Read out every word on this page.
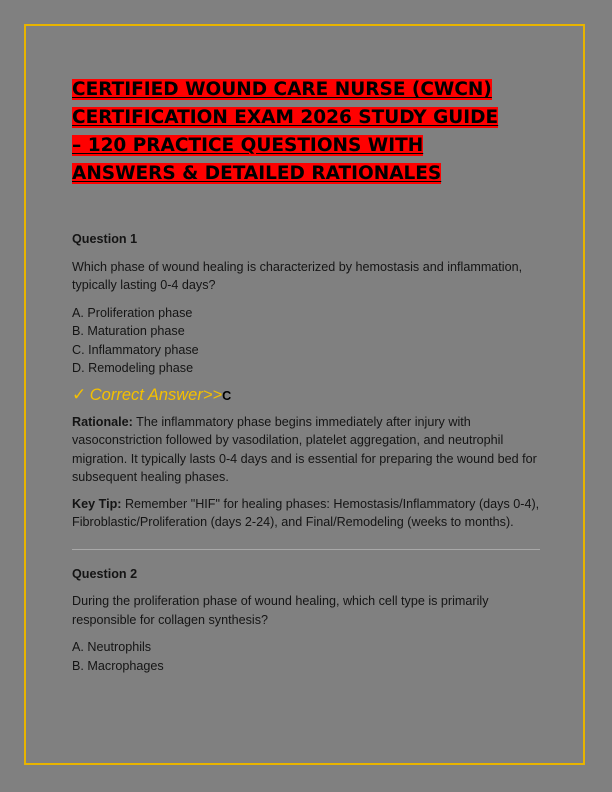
CERTIFIED WOUND CARE NURSE (CWCN)
CERTIFICATION EXAM 2026 STUDY GUIDE
– 120 PRACTICE QUESTIONS WITH
ANSWERS & DETAILED RATIONALES

Question 1

Which phase of wound healing is characterized by hemostasis and inflammation, typically lasting 0-4 days?

A. Proliferation phase
B. Maturation phase
C. Inflammatory phase
D. Remodeling phase

✓ Correct Answer>>C

Rationale: The inflammatory phase begins immediately after injury with vasoconstriction followed by vasodilation, platelet aggregation, and neutrophil migration. It typically lasts 0-4 days and is essential for preparing the wound bed for subsequent healing phases.

Key Tip: Remember "HIF" for healing phases: Hemostasis/Inflammatory (days 0-4), Fibroblastic/Proliferation (days 2-24), and Final/Remodeling (weeks to months).

Question 2

During the proliferation phase of wound healing, which cell type is primarily responsible for collagen synthesis?

A. Neutrophils
B. Macrophages
